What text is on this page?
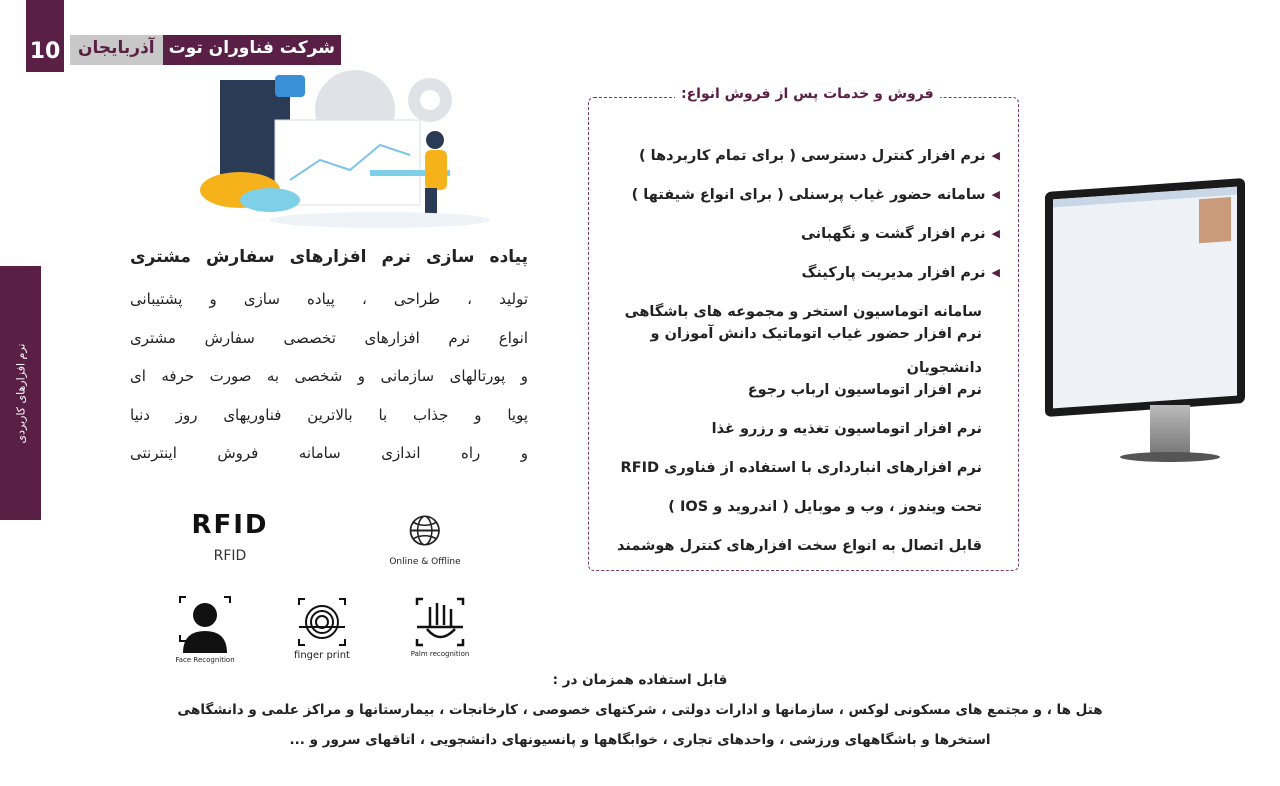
10	شرکت فناوران توت
آذربایجان
نرم افزارهای کاربردی
پیاده سازی نرم افزارهای سفارش مشتری

تولید ، طراحی ، پیاده سازی و پشتیبانی

انواع نرم افزارهای تخصصی سفارش مشتری

و پورتالهای سازمانی و شخصی به صورت حرفه ای

پویا و جذاب با بالاترین فناوریهای روز دنیا

و راه اندازی سامانه فروش اینترنتی

RFID
RFID
🌐︎
Online & Offline
Face Recognition	finger print	Palm recognition
فروش و خدمات پس از فروش انواع:
◀
نرم افزار کنترل دسترسی ( برای تمام کاربردها )
◀
سامانه حضور غیاب پرسنلی ( برای انواع شیفتها )
◀
نرم افزار گشت و نگهبانی
◀
نرم افزار مدیریت پارکینگ
سامانه اتوماسیون استخر و مجموعه های باشگاهی
نرم افزار حضور غیاب اتوماتیک دانش آموزان و دانشجویان
نرم افزار اتوماسیون ارباب رجوع
نرم افزار اتوماسیون تغذیه و رزرو غذا
نرم افزارهای انبارداری با استفاده از فناوری RFID
تحت ویندوز ، وب و موبایل ( اندروید و IOS )
قابل اتصال به انواع سخت افزارهای کنترل هوشمند
قابل استفاده همزمان در :
هتل ها ، و مجتمع های مسکونی لوکس ، سازمانها و ادارات دولتی ، شرکتهای خصوصی ، کارخانجات ، بیمارستانها و مراکز علمی و دانشگاهی
استخرها و باشگاههای ورزشی ، واحدهای تجاری ، خوابگاهها و پانسیونهای دانشجویی ، اتاقهای سرور و ...
